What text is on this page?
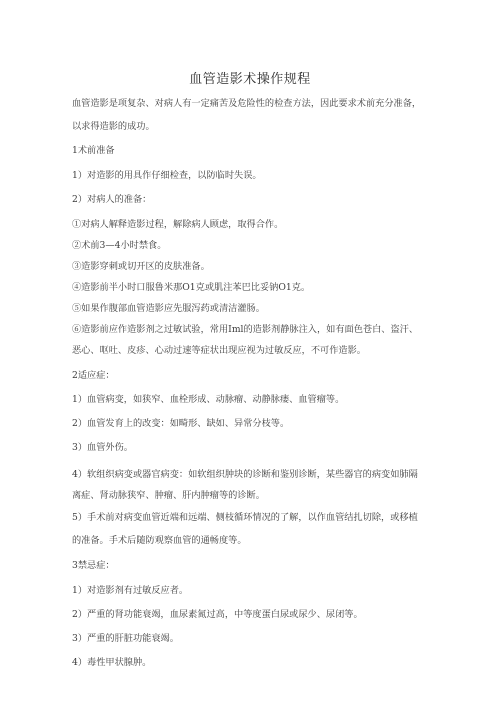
血管造影术操作规程
血管造影是项复杂、对病人有一定痛苦及危险性的检查方法，因此要求术前充分准备，
以求得造影的成功。
1术前准备
1）对造影的用具作仔细检查，以防临时失误。
2）对病人的准备：
①对病人解释造影过程，解除病人顾虑，取得合作。
②术前3—4小时禁食。
③造影穿刺或切开区的皮肤准备。
④造影前半小时口服鲁米那O1克或肌注苯巴比妥钠O1克。
⑤如果作腹部血管造影应先服泻药或清洁灌肠。
⑥造影前应作造影剂之过敏试验，常用Iml的造影剂静脉注入，如有面色苍白、盗汗、
恶心、呕吐、皮疹、心动过速等症状出现应视为过敏反应，不可作造影。
2适应症：
1）血管病变，如狭窄、血栓形成、动脉瘤、动静脉瘘、血管瘤等。
2）血管发育上的改变：如畸形、缺如、异常分枝等。
3）血管外伤。
4）软组织病变或器官病变：如软组织肿块的诊断和鉴别诊断，某些器官的病变如肺隔
离症、肾动脉狭窄、肿瘤、肝内肿瘤等的诊断。
5）手术前对病变血管近端和远端、侧枝循环情况的了解，以作血管结扎切除，或移植
的准备。手术后随防观察血管的通畅度等。
3禁忌症：
1）对造影剂有过敏反应者。
2）严重的肾功能衰竭，血尿素氮过高，中等度蛋白尿或尿少、尿闭等。
3）严重的肝脏功能衰竭。
4）毒性甲状腺肿。
